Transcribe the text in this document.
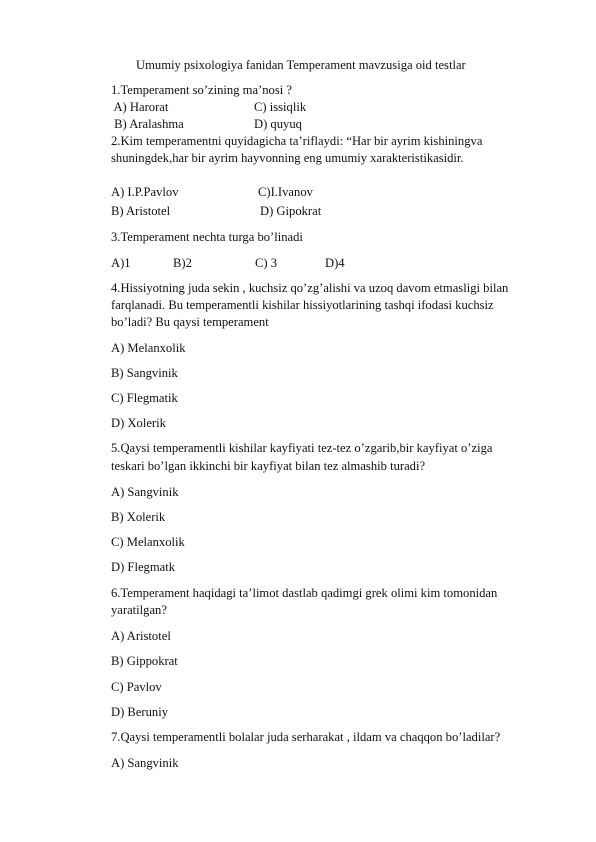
Umumiy psixologiya fanidan Temperament mavzusiga oid testlar
1.Temperament so’zining ma’nosi ?
A) Harorat	C) issiqlik
B) Aralashma	D) quyuq
2.Kim temperamentni quyidagicha ta’riflaydi: “Har bir ayrim kishiningva
shuningdek,har bir ayrim hayvonning eng umumiy xarakteristikasidir.
A) I.P.Pavlov	C)I.Ivanov
B) Aristotel	D) Gipokrat
3.Temperament nechta turga bo’linadi
A)1	B)2	C) 3	D)4
4.Hissiyotning juda sekin , kuchsiz qo’zg’alishi va uzoq davom etmasligi bilan
farqlanadi. Bu temperamentli kishilar hissiyotlarining tashqi ifodasi kuchsiz
bo’ladi? Bu qaysi temperament
A) Melanxolik
B) Sangvinik
C) Flegmatik
D) Xolerik
5.Qaysi temperamentli kishilar kayfiyati tez-tez o’zgarib,bir kayfiyat o’ziga
teskari bo’lgan ikkinchi bir kayfiyat bilan tez almashib turadi?
A) Sangvinik
B) Xolerik
C) Melanxolik
D) Flegmatk
6.Temperament haqidagi ta’limot dastlab qadimgi grek olimi kim tomonidan
yaratilgan?
A) Aristotel
B) Gippokrat
C) Pavlov
D) Beruniy
7.Qaysi temperamentli bolalar juda serharakat , ildam va chaqqon bo’ladilar?
A) Sangvinik
